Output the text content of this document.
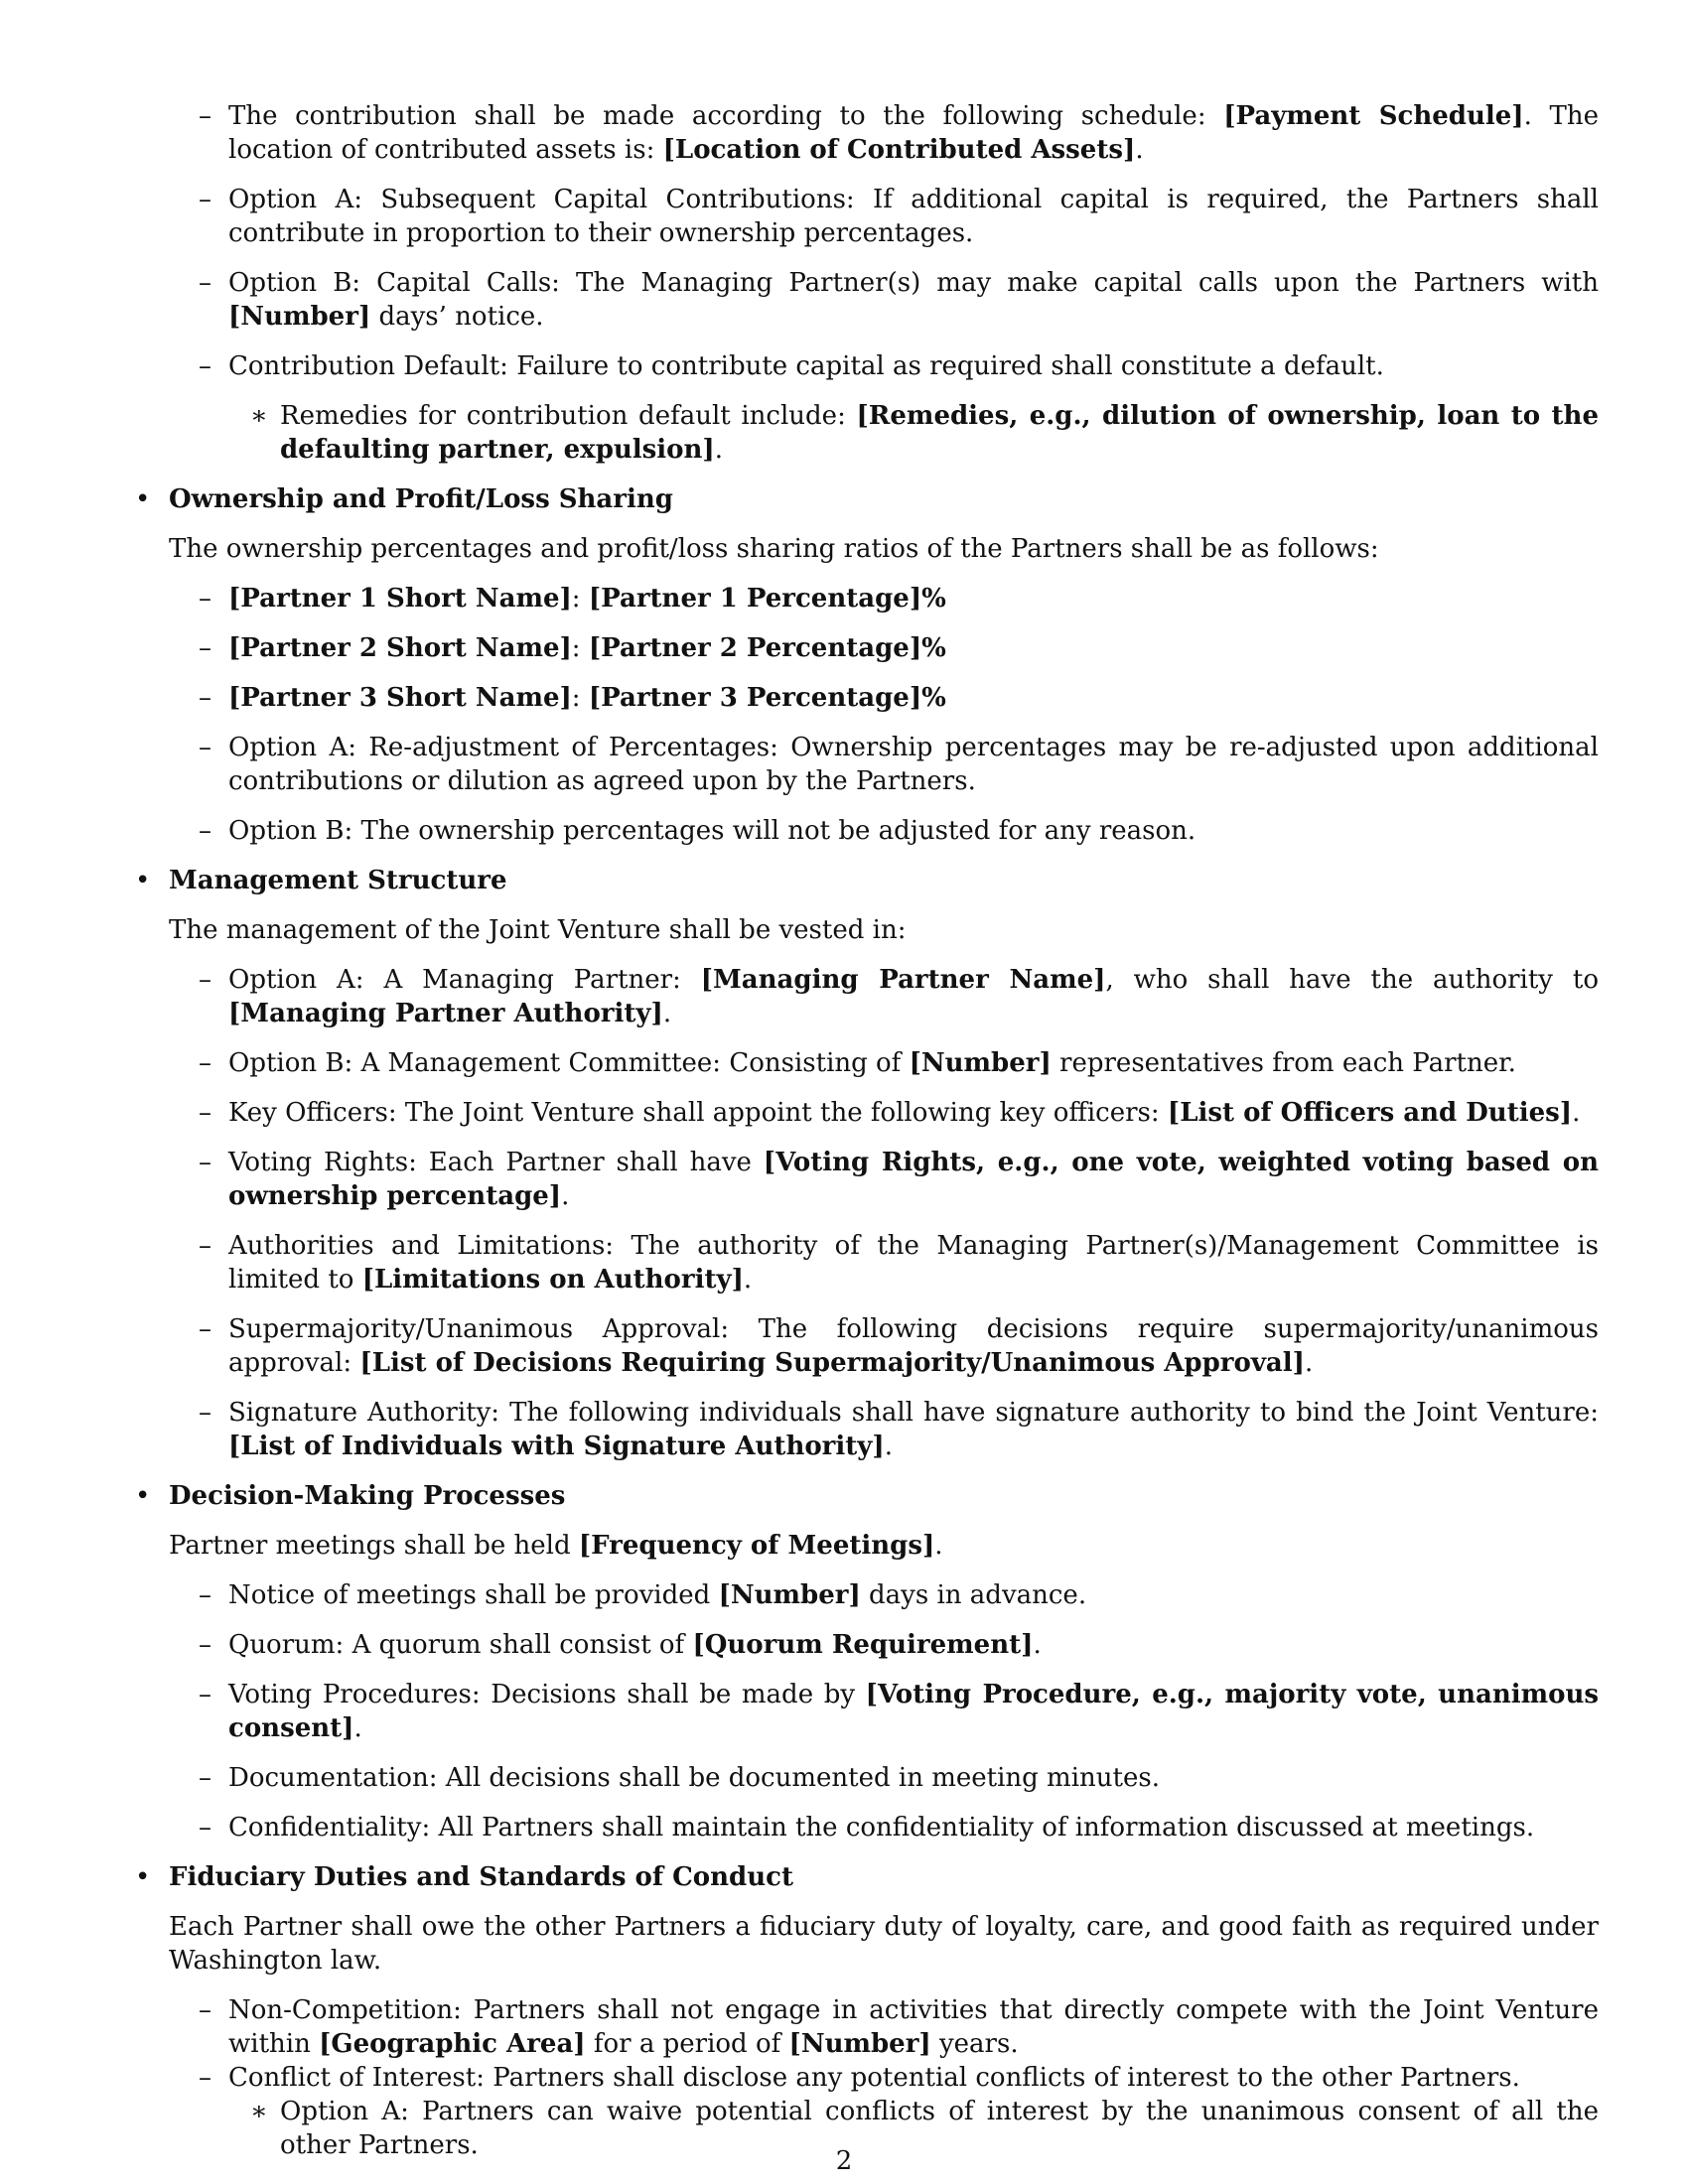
– The contribution shall be made according to the following schedule: [Payment Schedule]. The location of contributed assets is: [Location of Contributed Assets].
– Option A: Subsequent Capital Contributions: If additional capital is required, the Partners shall contribute in proportion to their ownership percentages.
– Option B: Capital Calls: The Managing Partner(s) may make capital calls upon the Partners with [Number] days’ notice.
– Contribution Default: Failure to contribute capital as required shall constitute a default.
∗ Remedies for contribution default include: [Remedies, e.g., dilution of ownership, loan to the defaulting partner, expulsion].
• Ownership and Profit/Loss Sharing
The ownership percentages and profit/loss sharing ratios of the Partners shall be as follows:
– [Partner 1 Short Name]: [Partner 1 Percentage]%
– [Partner 2 Short Name]: [Partner 2 Percentage]%
– [Partner 3 Short Name]: [Partner 3 Percentage]%
– Option A: Re-adjustment of Percentages: Ownership percentages may be re-adjusted upon additional contributions or dilution as agreed upon by the Partners.
– Option B: The ownership percentages will not be adjusted for any reason.
• Management Structure
The management of the Joint Venture shall be vested in:
– Option A: A Managing Partner: [Managing Partner Name], who shall have the authority to [Managing Partner Authority].
– Option B: A Management Committee: Consisting of [Number] representatives from each Partner.
– Key Officers: The Joint Venture shall appoint the following key officers: [List of Officers and Duties].
– Voting Rights: Each Partner shall have [Voting Rights, e.g., one vote, weighted voting based on ownership percentage].
– Authorities and Limitations: The authority of the Managing Partner(s)/Management Committee is limited to [Limitations on Authority].
– Supermajority/Unanimous Approval: The following decisions require supermajority/unanimous approval: [List of Decisions Requiring Supermajority/Unanimous Approval].
– Signature Authority: The following individuals shall have signature authority to bind the Joint Venture: [List of Individuals with Signature Authority].
• Decision-Making Processes
Partner meetings shall be held [Frequency of Meetings].
– Notice of meetings shall be provided [Number] days in advance.
– Quorum: A quorum shall consist of [Quorum Requirement].
– Voting Procedures: Decisions shall be made by [Voting Procedure, e.g., majority vote, unanimous consent].
– Documentation: All decisions shall be documented in meeting minutes.
– Confidentiality: All Partners shall maintain the confidentiality of information discussed at meetings.
• Fiduciary Duties and Standards of Conduct
Each Partner shall owe the other Partners a fiduciary duty of loyalty, care, and good faith as required under Washington law.
– Non-Competition: Partners shall not engage in activities that directly compete with the Joint Venture within [Geographic Area] for a period of [Number] years.
– Conflict of Interest: Partners shall disclose any potential conflicts of interest to the other Partners.
∗ Option A: Partners can waive potential conflicts of interest by the unanimous consent of all the other Partners.
2
